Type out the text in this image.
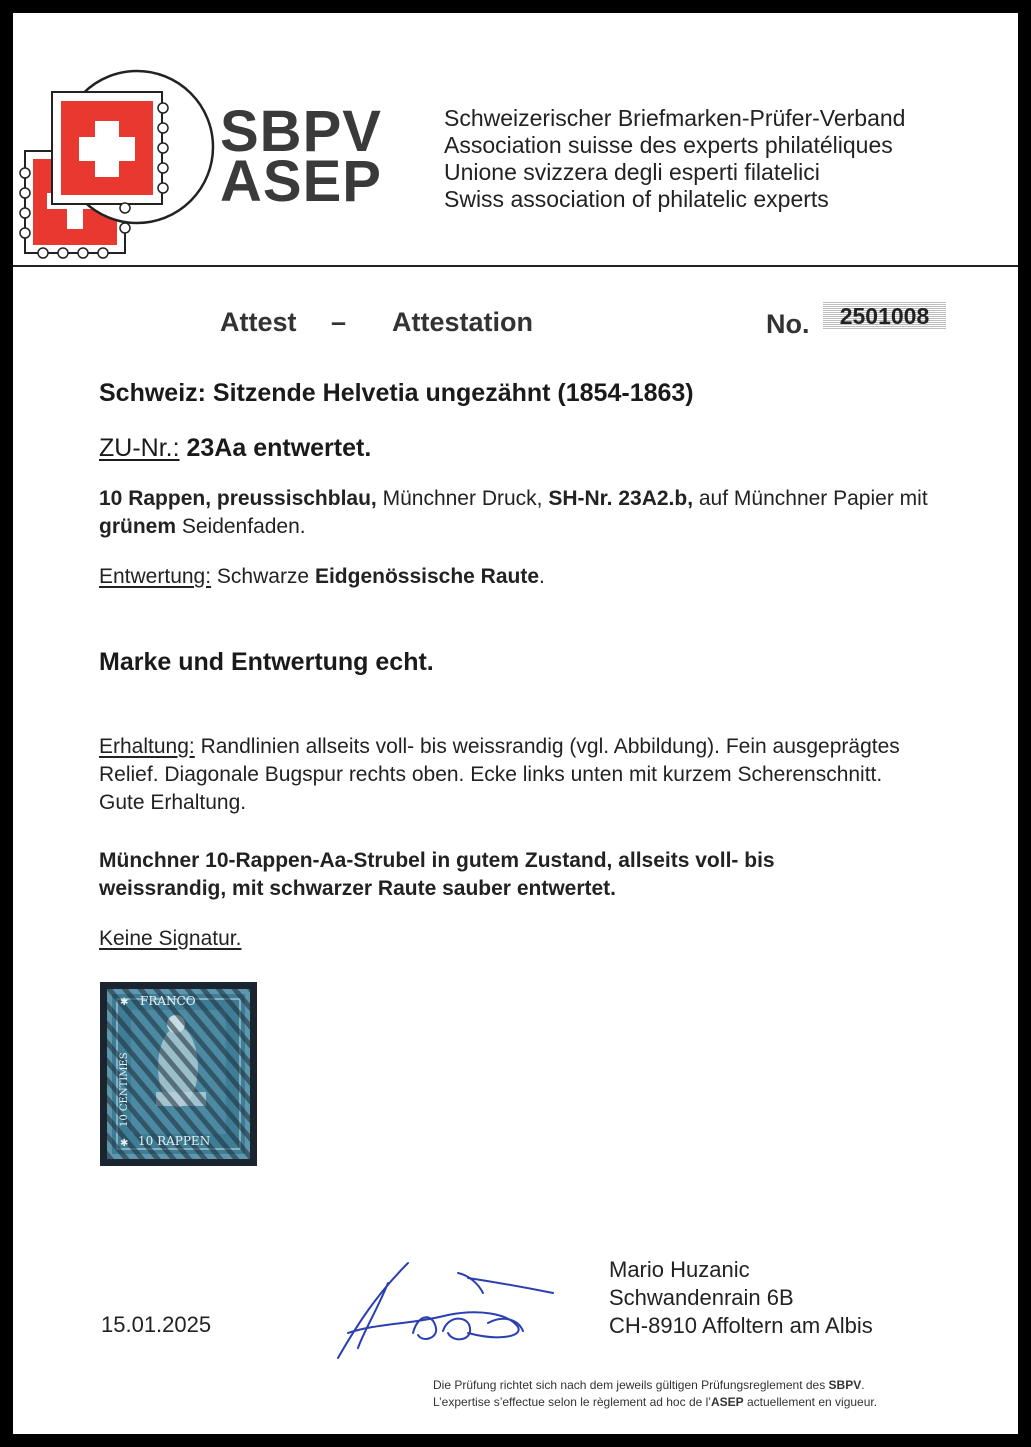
SBPV
ASEP
Schweizerischer Briefmarken-Prüfer-Verband
Association suisse des experts philatéliques
Unione svizzera degli esperti filatelici
Swiss association of philatelic experts
Attest – Attestation	No.	2501008
Schweiz: Sitzende Helvetia ungezähnt (1854-1863)
ZU-Nr.: 23Aa entwertet.
10 Rappen, preussischblau, Münchner Druck, SH-Nr. 23A2.b, auf Münchner Papier mit grünem Seidenfaden.
Entwertung: Schwarze Eidgenössische Raute.
Marke und Entwertung echt.
Erhaltung: Randlinien allseits voll- bis weissrandig (vgl. Abbildung). Fein ausgeprägtes Relief. Diagonale Bugspur rechts oben. Ecke links unten mit kurzem Scherenschnitt. Gute Erhaltung.
Münchner 10-Rappen-Aa-Strubel in gutem Zustand, allseits voll- bis weissrandig, mit schwarzer Raute sauber entwertet.
Keine Signatur.
FRANCO
10 RAPPEN
10 CENTIMES
✱
✱
15.01.2025
Mario Huzanic
Schwandenrain 6B
CH-8910 Affoltern am Albis
Die Prüfung richtet sich nach dem jeweils gültigen Prüfungsreglement des SBPV.
L’expertise s’effectue selon le règlement ad hoc de l’ASEP actuellement en vigueur.
